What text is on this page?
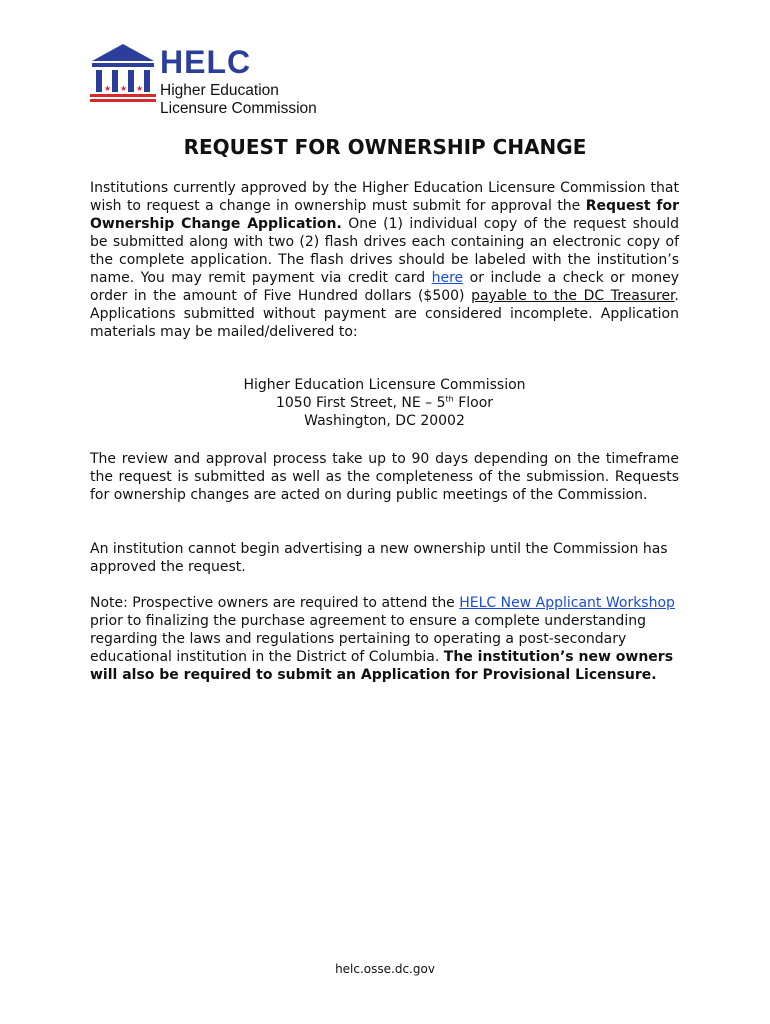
★ ★ ★
HELC
Higher Education
Licensure Commission
REQUEST FOR OWNERSHIP CHANGE

Institutions currently approved by the Higher Education Licensure Commission that wish to request a change in ownership must submit for approval the Request for Ownership Change Application. One (1) individual copy of the request should be submitted along with two (2) flash drives each containing an electronic copy of the complete application. The flash drives should be labeled with the institution’s name. You may remit payment via credit card here or include a check or money order in the amount of Five Hundred dollars ($500) payable to the DC Treasurer. Applications submitted without payment are considered incomplete. Application materials may be mailed/delivered to:

Higher Education Licensure Commission
1050 First Street, NE – 5th Floor
Washington, DC 20002

The review and approval process take up to 90 days depending on the timeframe the request is submitted as well as the completeness of the submission. Requests for ownership changes are acted on during public meetings of the Commission.

An institution cannot begin advertising a new ownership until the Commission has approved the request.

Note: Prospective owners are required to attend the HELC New Applicant Workshop prior to finalizing the purchase agreement to ensure a complete understanding regarding the laws and regulations pertaining to operating a post-secondary educational institution in the District of Columbia. The institution’s new owners will also be required to submit an Application for Provisional Licensure.

helc.osse.dc.gov
